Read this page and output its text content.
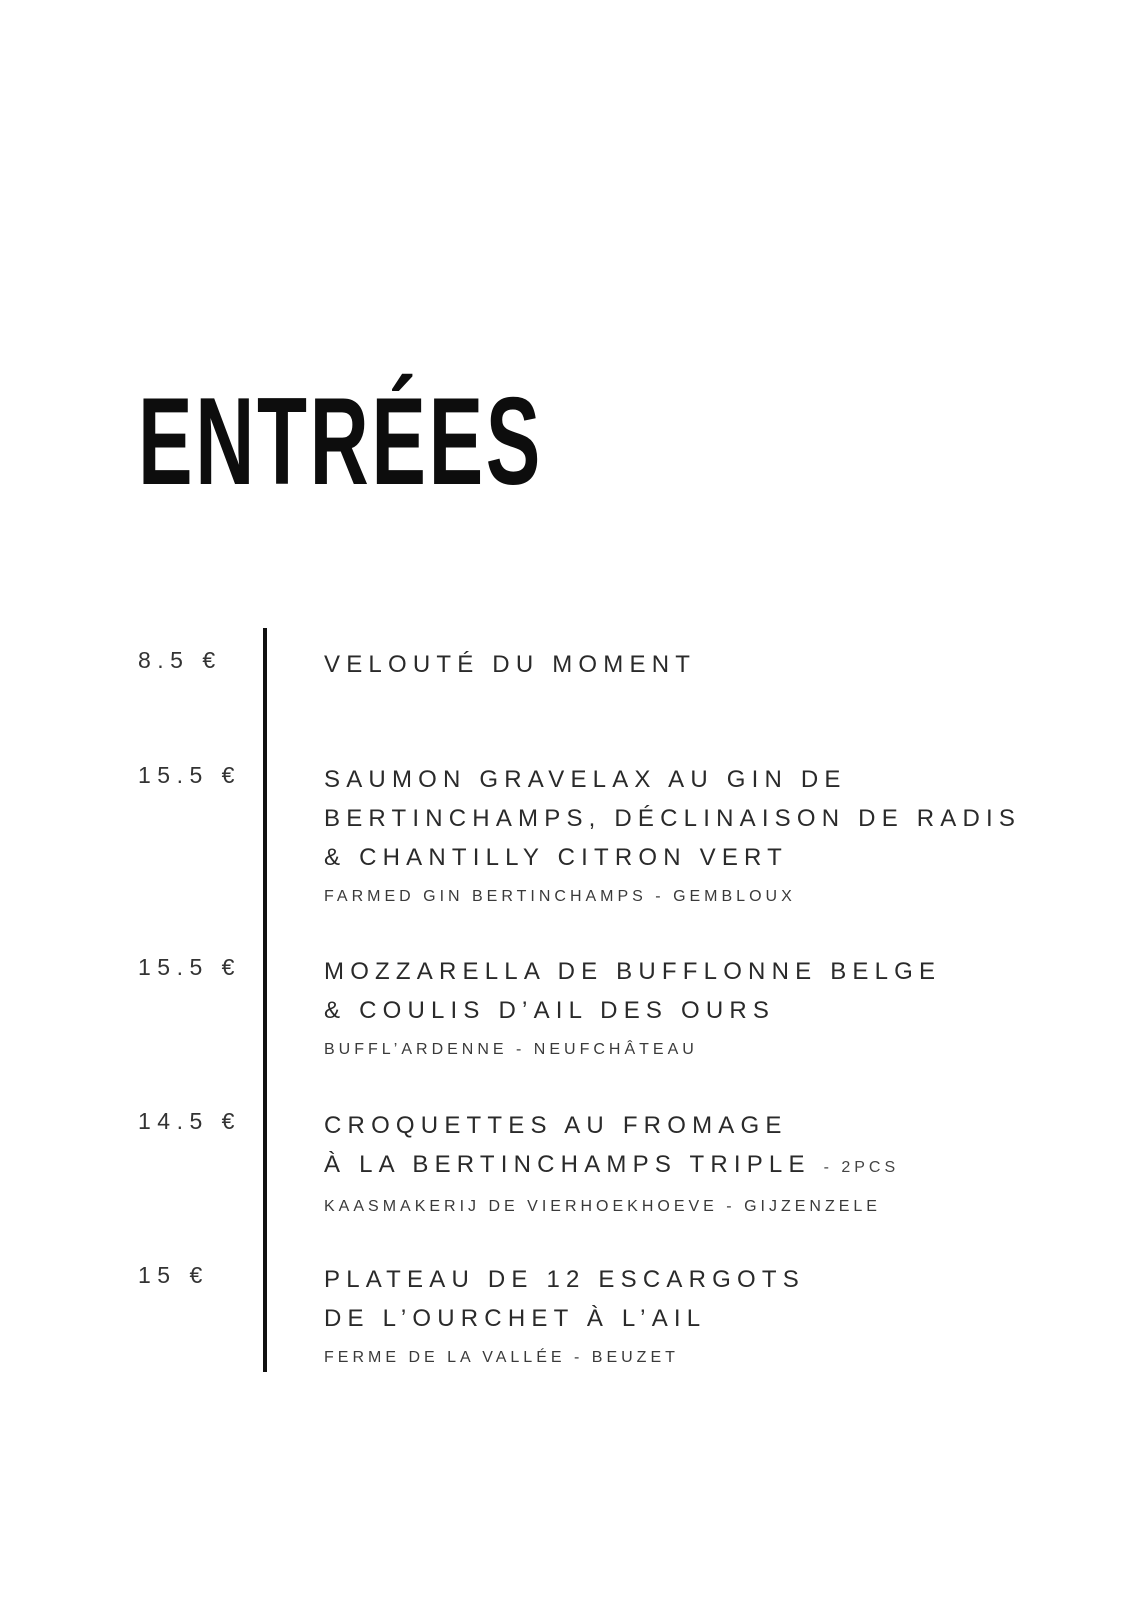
ENTRÉES
8.5 €	VELOUTÉ DU MOMENT
15.5 €	SAUMON GRAVELAX AU GIN DE
BERTINCHAMPS, DÉCLINAISON DE RADIS
& CHANTILLY CITRON VERT
FARMED GIN BERTINCHAMPS - GEMBLOUX
15.5 €	MOZZARELLA DE BUFFLONNE BELGE
& COULIS D’AIL DES OURS
BUFFL’ARDENNE - NEUFCHÂTEAU
14.5 €	CROQUETTES AU FROMAGE
À LA BERTINCHAMPS TRIPLE - 2PCS
KAASMAKERIJ DE VIERHOEKHOEVE - GIJZENZELE
15 €	PLATEAU DE 12 ESCARGOTS
DE L’OURCHET À L’AIL
FERME DE LA VALLÉE - BEUZET
